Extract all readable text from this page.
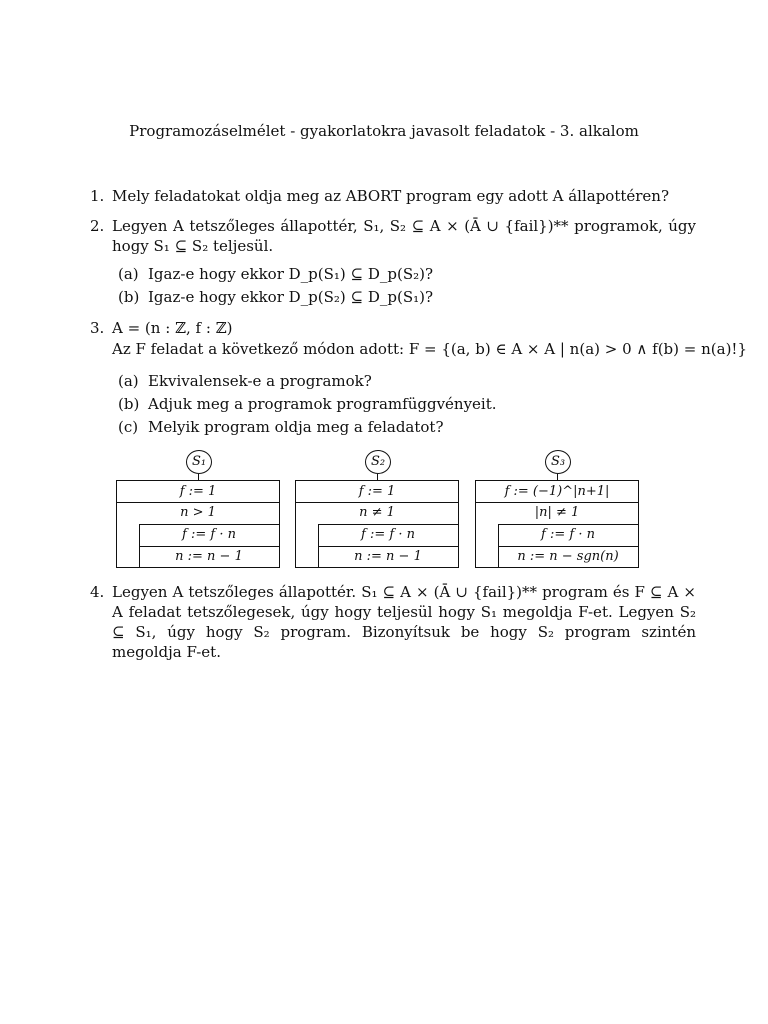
Programozáselmélet - gyakorlatokra javasolt feladatok - 3. alkalom
1. Mely feladatokat oldja meg az ABORT program egy adott A állapottéren?
2. Legyen A tetszőleges állapottér, S₁, S₂ ⊆ A × (Ā ∪ {fail})** programok, úgy hogy S₁ ⊆ S₂ teljesül.
(a) Igaz-e hogy ekkor D_p(S₁) ⊆ D_p(S₂)?
(b) Igaz-e hogy ekkor D_p(S₂) ⊆ D_p(S₁)?
3. A = (n : ℤ, f : ℤ)
Az F feladat a következő módon adott: F = {(a, b) ∈ A × A | n(a) > 0 ∧ f(b) = n(a)!}
(a) Ekvivalensek-e a programok?
(b) Adjuk meg a programok programfüggvényeit.
(c) Melyik program oldja meg a feladatot?
S₁
f := 1
n > 1
f := f · n
n := n − 1
S₂
f := 1
n ≠ 1
f := f · n
n := n − 1
S₃
f := (−1)^|n+1|
|n| ≠ 1
f := f · n
n := n − sgn(n)
4. Legyen A tetszőleges állapottér. S₁ ⊆ A × (Ā ∪ {fail})** program és F ⊆ A × A feladat tetszőlegesek, úgy hogy teljesül hogy S₁ megoldja F-et. Legyen S₂ ⊆ S₁, úgy hogy S₂ program. Bizonyítsuk be hogy S₂ program szintén megoldja F-et.
